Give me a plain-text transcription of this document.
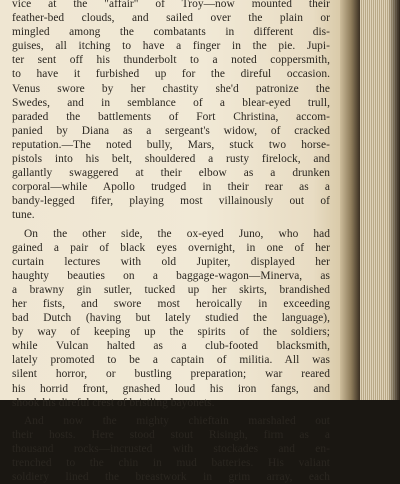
vice at the "affair" of Troy—now mounted their
feather-bed clouds, and sailed over the plain or
mingled among the combatants in different dis-
guises, all itching to have a finger in the pie. Jupi-
ter sent off his thunderbolt to a noted coppersmith,
to have it furbished up for the direful occasion.
Venus swore by her chastity she'd patronize the
Swedes, and in semblance of a blear-eyed trull,
paraded the battlements of Fort Christina, accom-
panied by Diana as a sergeant's widow, of cracked
reputation.—The noted bully, Mars, stuck two horse-
pistols into his belt, shouldered a rusty firelock, and
gallantly swaggered at their elbow as a drunken
corporal—while Apollo trudged in their rear as a
bandy-legged fifer, playing most villainously out of
tune.
On the other side, the ox-eyed Juno, who had
gained a pair of black eyes overnight, in one of her
curtain lectures with old Jupiter, displayed her
haughty beauties on a baggage-wagon—Minerva, as
a brawny gin sutler, tucked up her skirts, brandished
her fists, and swore most heroically in exceeding
bad Dutch (having but lately studied the language),
by way of keeping up the spirits of the soldiers;
while Vulcan halted as a club-footed blacksmith,
lately promoted to be a captain of militia. All was
silent horror, or bustling preparation; war reared
his horrid front, gnashed loud his iron fangs, and
shook his direful crest of bristling bayonets.
And now the mighty chieftain marshaled out
their hosts. Here stood stout Risingh, firm as a
thousand rocks—incrusted with stockades and en-
trenched to the chin in mud batteries. His valiant
soldiery lined the breastwork in grim array, each
